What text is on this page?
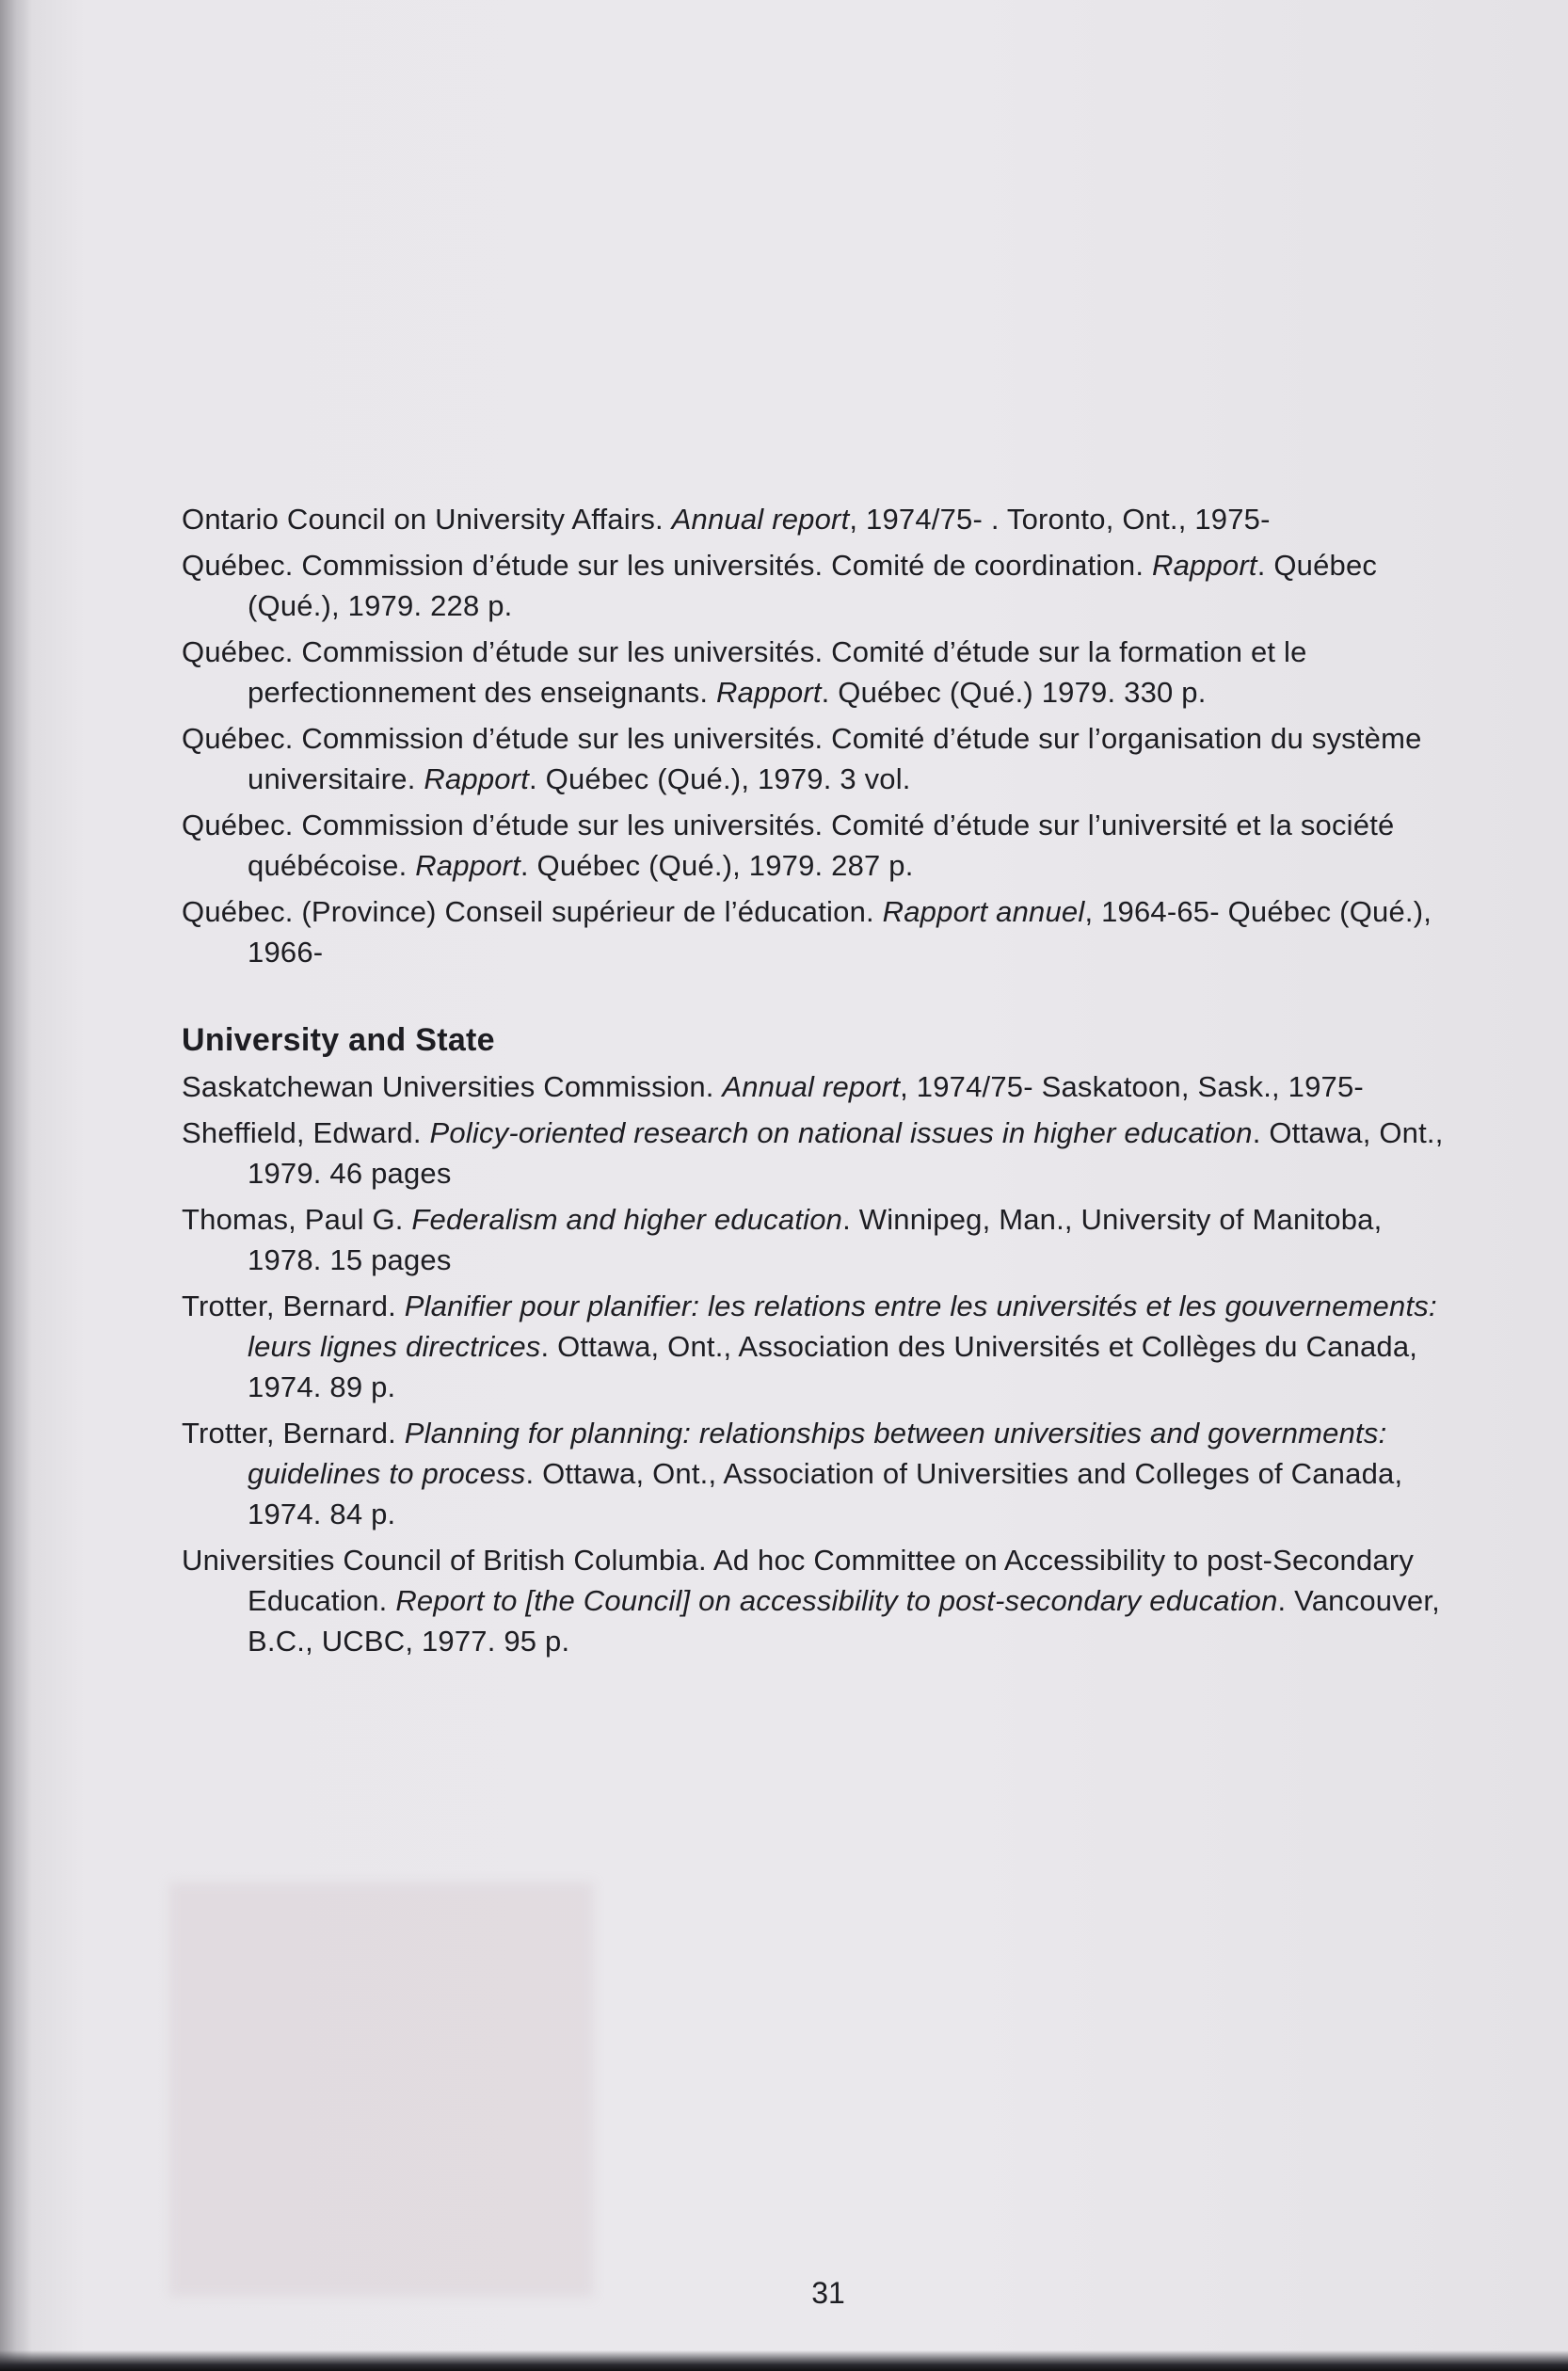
Ontario Council on University Affairs. Annual report, 1974/75- . Toronto, Ont., 1975-
Québec. Commission d’étude sur les universités. Comité de coordination. Rapport. Québec (Qué.), 1979. 228 p.
Québec. Commission d’étude sur les universités. Comité d’étude sur la formation et le perfectionnement des enseignants. Rapport. Québec (Qué.) 1979. 330 p.
Québec. Commission d’étude sur les universités. Comité d’étude sur l’organisation du système universitaire. Rapport. Québec (Qué.), 1979. 3 vol.
Québec. Commission d’étude sur les universités. Comité d’étude sur l’université et la société québécoise. Rapport. Québec (Qué.), 1979. 287 p.
Québec. (Province) Conseil supérieur de l’éducation. Rapport annuel, 1964-65- Québec (Qué.), 1966-
University and State
Saskatchewan Universities Commission. Annual report, 1974/75- Saskatoon, Sask., 1975-
Sheffield, Edward. Policy-oriented research on national issues in higher education. Ottawa, Ont., 1979. 46 pages
Thomas, Paul G. Federalism and higher education. Winnipeg, Man., University of Manitoba, 1978. 15 pages
Trotter, Bernard. Planifier pour planifier: les relations entre les universités et les gouvernements: leurs lignes directrices. Ottawa, Ont., Association des Universités et Collèges du Canada, 1974. 89 p.
Trotter, Bernard. Planning for planning: relationships between universities and governments: guidelines to process. Ottawa, Ont., Association of Universities and Colleges of Canada, 1974. 84 p.
Universities Council of British Columbia. Ad hoc Committee on Accessibility to post-Secondary Education. Report to [the Council] on accessibility to post-secondary education. Vancouver, B.C., UCBC, 1977. 95 p.
31
